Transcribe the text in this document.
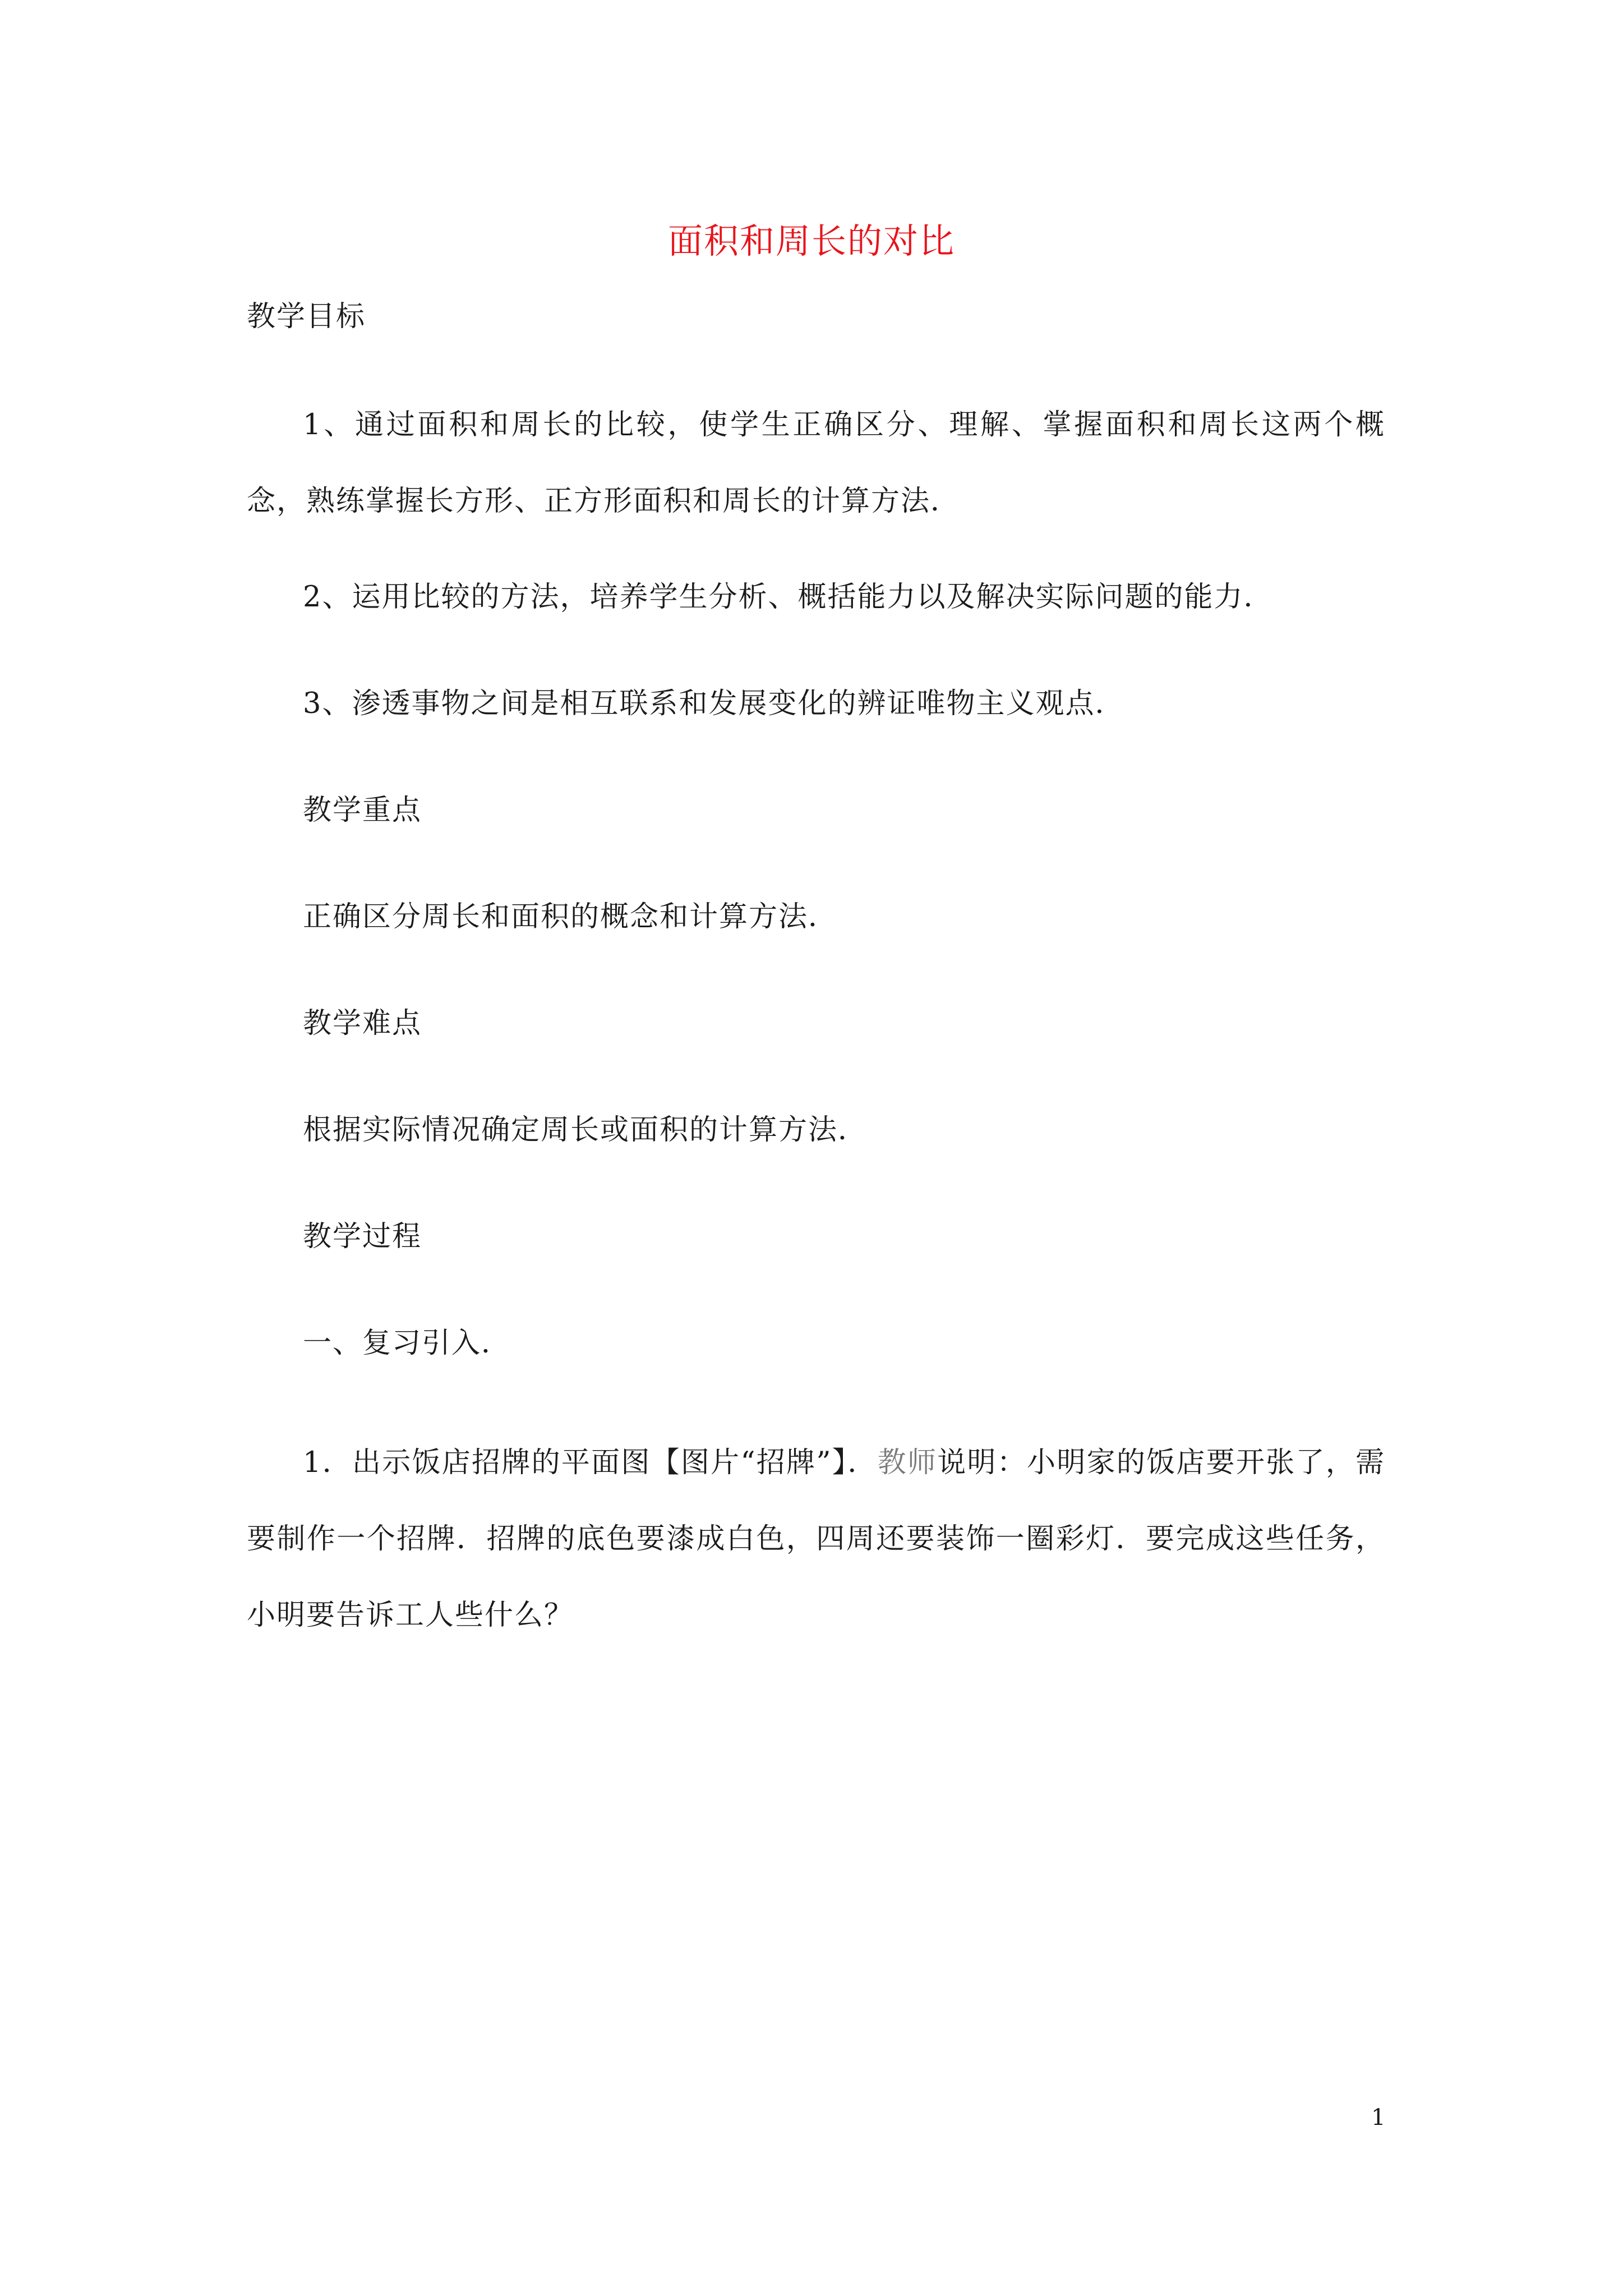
面积和周长的对比
教学目标
1、通过面积和周长的比较，使学生正确区分、理解、掌握面积和周长这两个概念，熟练掌握长方形、正方形面积和周长的计算方法．
2、运用比较的方法，培养学生分析、概括能力以及解决实际问题的能力．
3、渗透事物之间是相互联系和发展变化的辨证唯物主义观点．
教学重点
正确区分周长和面积的概念和计算方法．
教学难点
根据实际情况确定周长或面积的计算方法．
教学过程
一、复习引入．
1．出示饭店招牌的平面图【图片“招牌”】．教师说明：小明家的饭店要开张了，需要制作一个招牌．招牌的底色要漆成白色，四周还要装饰一圈彩灯．要完成这些任务，小明要告诉工人些什么？
1
